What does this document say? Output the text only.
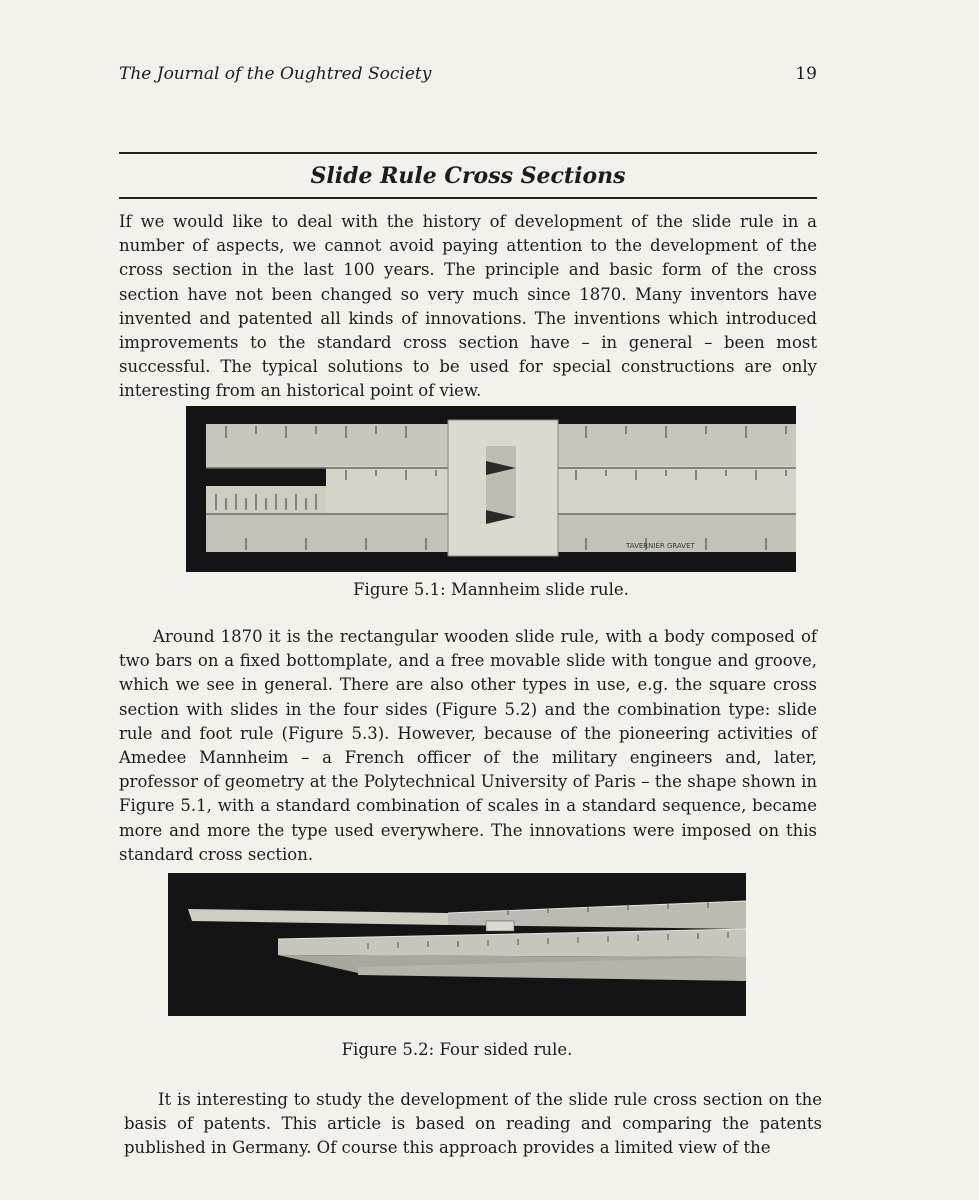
The Journal of the Oughtred Society	19
Slide Rule Cross Sections

If we would like to deal with the history of development of the slide rule in a number of aspects, we cannot avoid paying attention to the development of the cross section in the last 100 years. The principle and basic form of the cross section have not been changed so very much since 1870. Many inventors have invented and patented all kinds of innovations. The inventions which introduced improvements to the standard cross section have – in general – been most successful. The typical solutions to be used for special constructions are only interesting from an historical point of view.

TAVERNIER GRAVET

Figure 5.1: Mannheim slide rule.

Around 1870 it is the rectangular wooden slide rule, with a body composed of two bars on a fixed bottomplate, and a free movable slide with tongue and groove, which we see in general. There are also other types in use, e.g. the square cross section with slides in the four sides (Figure 5.2) and the combination type: slide rule and foot rule (Figure 5.3). However, because of the pioneering activities of Amedee Mannheim – a French officer of the military engineers and, later, professor of geometry at the Polytechnical University of Paris – the shape shown in Figure 5.1, with a standard combination of scales in a standard sequence, became more and more the type used everywhere. The innovations were imposed on this standard cross section.

Figure 5.2: Four sided rule.

It is interesting to study the development of the slide rule cross section on the basis of patents. This article is based on reading and comparing the patents published in Germany. Of course this approach provides a limited view of the
